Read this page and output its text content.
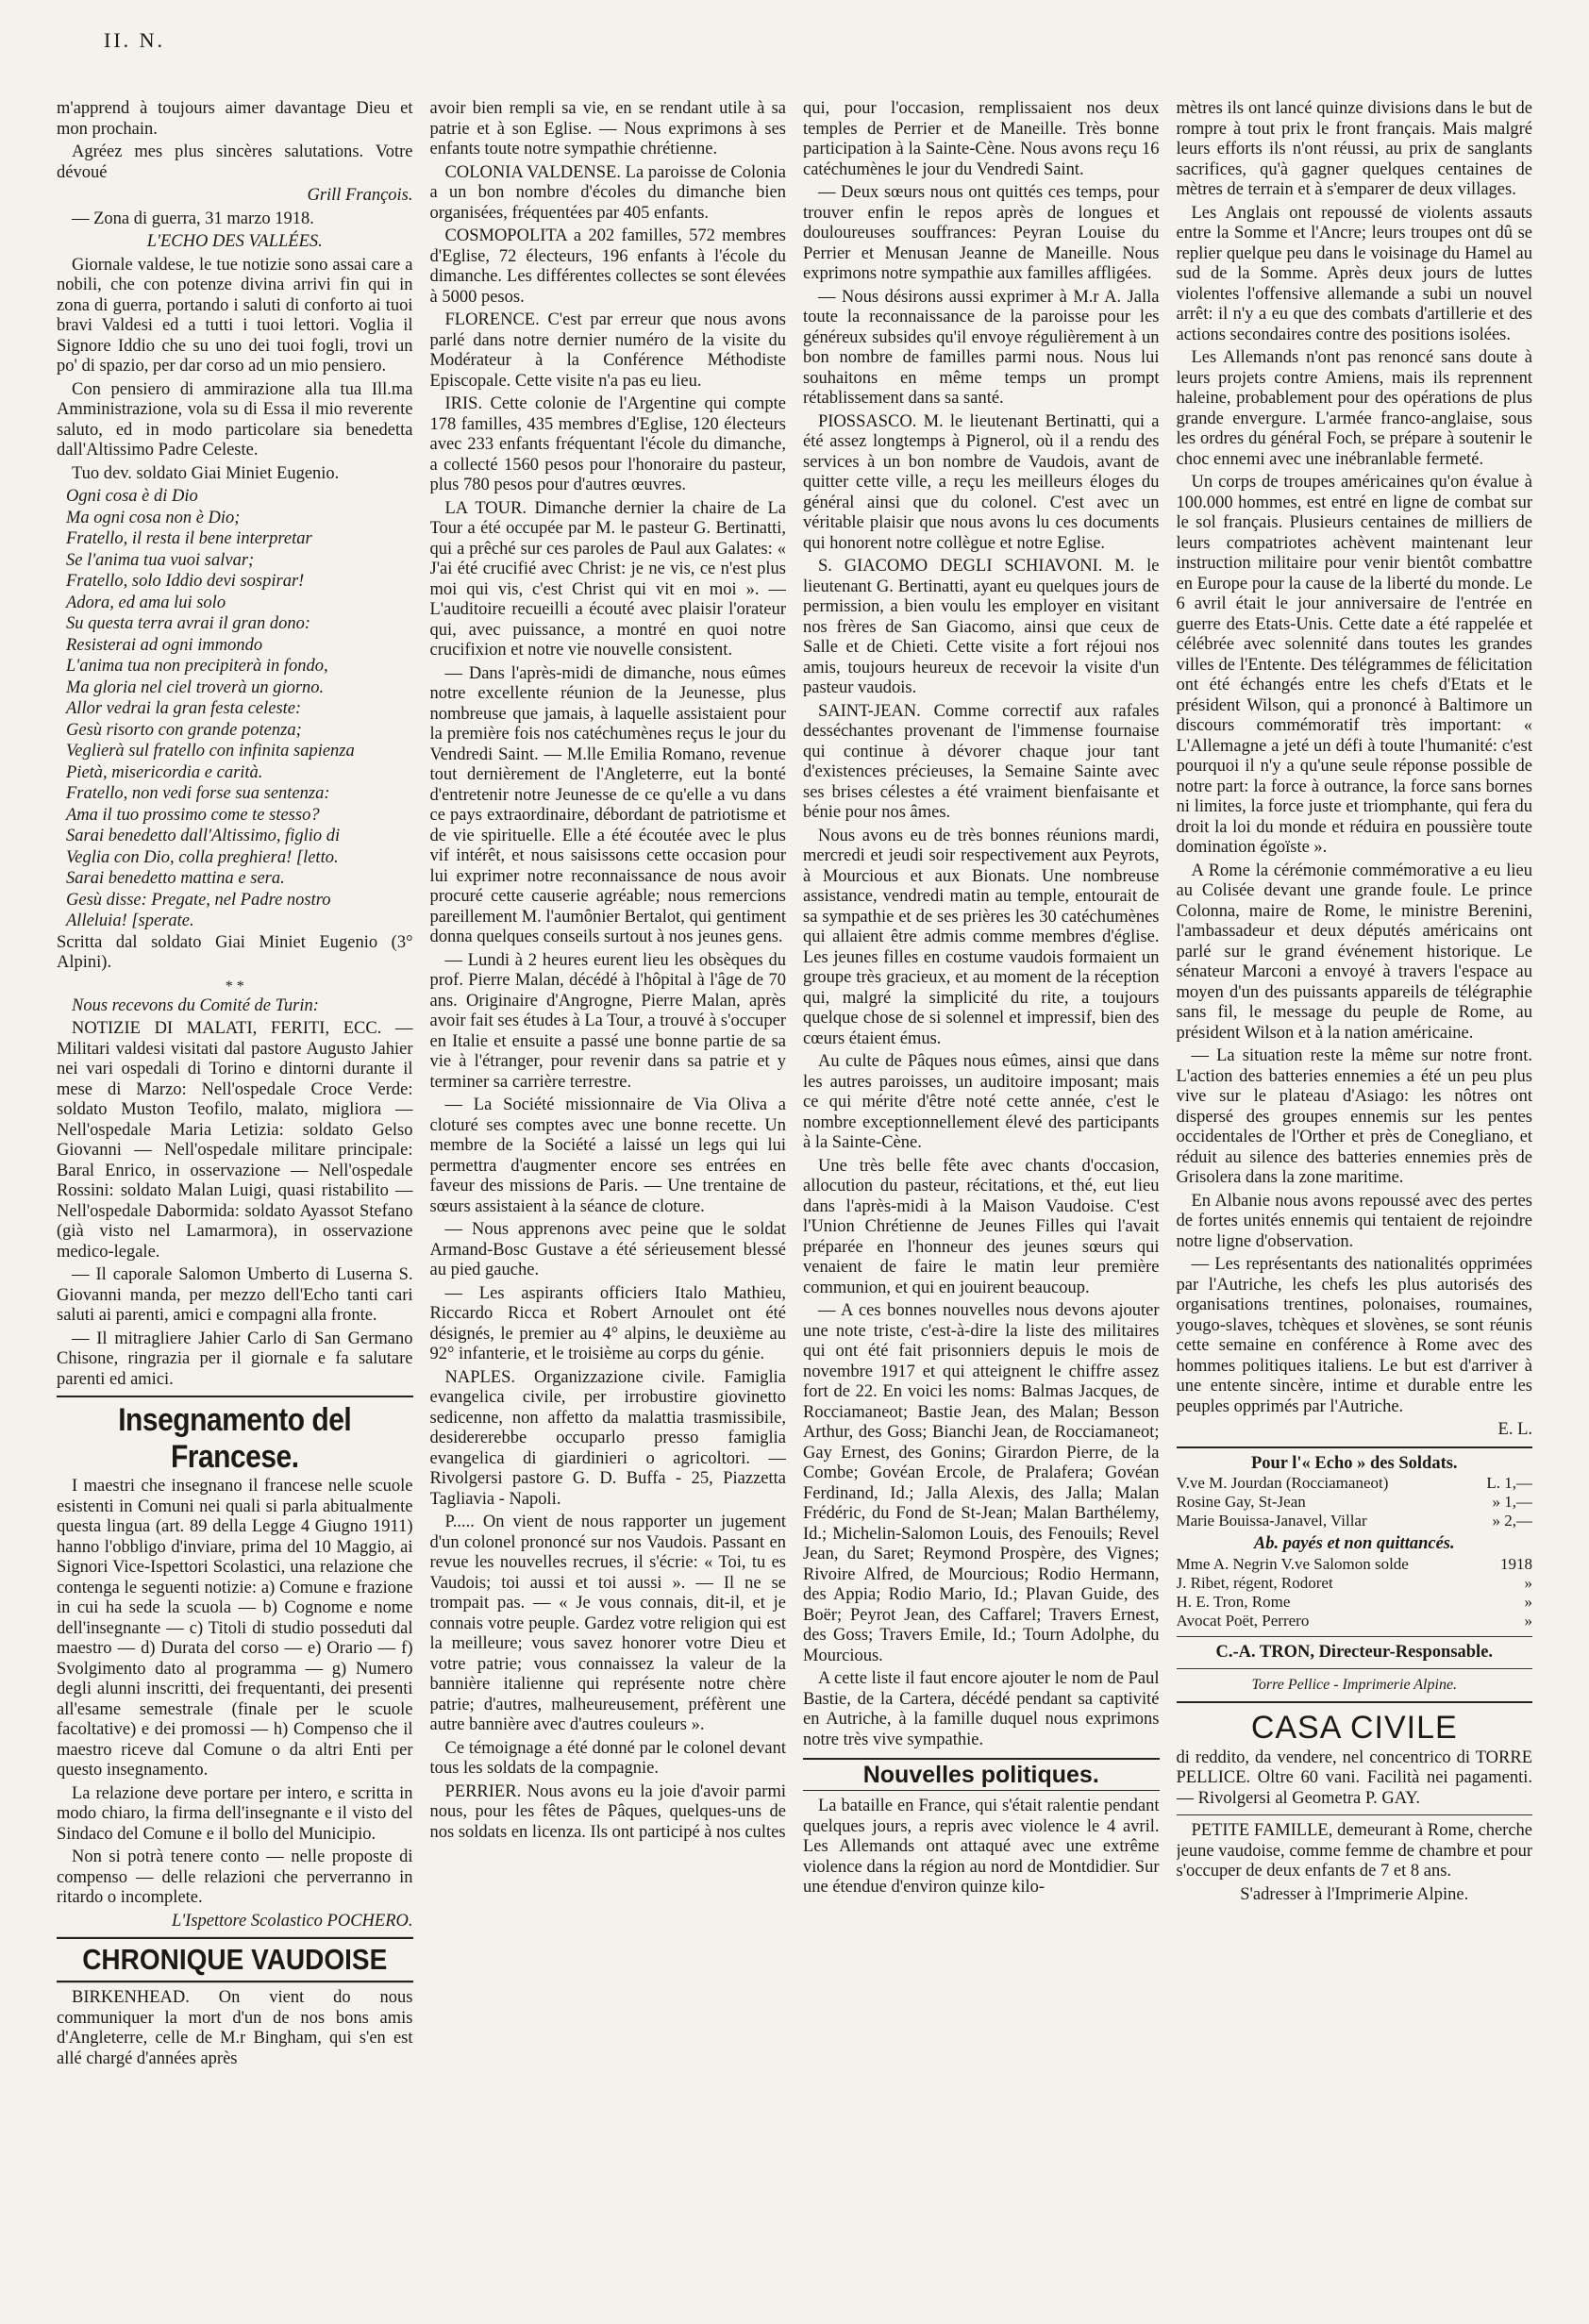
II. N.

m'apprend à toujours aimer davantage Dieu et mon prochain.

Agréez mes plus sincères salutations. Votre dévoué

Grill François.

— Zona di guerra, 31 marzo 1918.

L'ECHO DES VALLÉES.

Giornale valdese, le tue notizie sono assai care a nobili, che con potenze divina arrivi fin qui in zona di guerra, portando i saluti di conforto ai tuoi bravi Valdesi ed a tutti i tuoi lettori. Voglia il Signore Iddio che su uno dei tuoi fogli, trovi un po' di spazio, per dar corso ad un mio pensiero.

Con pensiero di ammirazione alla tua Ill.ma Amministrazione, vola su di Essa il mio reverente saluto, ed in modo particolare sia benedetta dall'Altissimo Padre Celeste.

Tuo dev. soldato Giai Miniet Eugenio.

Ogni cosa è di Dio

Ma ogni cosa non è Dio;

Fratello, il resta il bene interpretar

Se l'anima tua vuoi salvar;

Fratello, solo Iddio devi sospirar!

Adora, ed ama lui solo

Su questa terra avrai il gran dono:

Resisterai ad ogni immondo

L'anima tua non precipiterà in fondo,

Ma gloria nel ciel troverà un giorno.

Allor vedrai la gran festa celeste:

Gesù risorto con grande potenza;

Veglierà sul fratello con infinita sapienza

Pietà, misericordia e carità.

Fratello, non vedi forse sua sentenza:

Ama il tuo prossimo come te stesso?

Sarai benedetto dall'Altissimo, figlio di

Veglia con Dio, colla preghiera! [letto.

Sarai benedetto mattina e sera.

Gesù disse: Pregate, nel Padre nostro

Alleluia! [sperate.

Scritta dal soldato Giai Miniet Eugenio (3° Alpini).

* *

Nous recevons du Comité de Turin:

NOTIZIE DI MALATI, FERITI, ECC. — Militari valdesi visitati dal pastore Augusto Jahier nei vari ospedali di Torino e dintorni durante il mese di Marzo: Nell'ospedale Croce Verde: soldato Muston Teofilo, malato, migliora — Nell'ospedale Maria Letizia: soldato Gelso Giovanni — Nell'ospedale militare principale: Baral Enrico, in osservazione — Nell'ospedale Rossini: soldato Malan Luigi, quasi ristabilito — Nell'ospedale Dabormida: soldato Ayassot Stefano (già visto nel Lamarmora), in osservazione medico-legale.

— Il caporale Salomon Umberto di Luserna S. Giovanni manda, per mezzo dell'Echo tanti cari saluti ai parenti, amici e compagni alla fronte.

— Il mitragliere Jahier Carlo di San Germano Chisone, ringrazia per il giornale e fa salutare parenti ed amici.

Insegnamento del Francese.

I maestri che insegnano il francese nelle scuole esistenti in Comuni nei quali si parla abitualmente questa lingua (art. 89 della Legge 4 Giugno 1911) hanno l'obbligo d'inviare, prima del 10 Maggio, ai Signori Vice-Ispettori Scolastici, una relazione che contenga le seguenti notizie: a) Comune e frazione in cui ha sede la scuola — b) Cognome e nome dell'insegnante — c) Titoli di studio posseduti dal maestro — d) Durata del corso — e) Orario — f) Svolgimento dato al programma — g) Numero degli alunni inscritti, dei frequentanti, dei presenti all'esame semestrale (finale per le scuole facoltative) e dei promossi — h) Compenso che il maestro riceve dal Comune o da altri Enti per questo insegnamento.

La relazione deve portare per intero, e scritta in modo chiaro, la firma dell'insegnante e il visto del Sindaco del Comune e il bollo del Municipio.

Non si potrà tenere conto — nelle proposte di compenso — delle relazioni che perverranno in ritardo o incomplete.

L'Ispettore Scolastico POCHERO.

CHRONIQUE VAUDOISE

BIRKENHEAD. On vient do nous communiquer la mort d'un de nos bons amis d'Angleterre, celle de M.r Bingham, qui s'en est allé chargé d'années après

avoir bien rempli sa vie, en se rendant utile à sa patrie et à son Eglise. — Nous exprimons à ses enfants toute notre sympathie chrétienne.

COLONIA VALDENSE. La paroisse de Colonia a un bon nombre d'écoles du dimanche bien organisées, fréquentées par 405 enfants.

COSMOPOLITA a 202 familles, 572 membres d'Eglise, 72 électeurs, 196 enfants à l'école du dimanche. Les différentes collectes se sont élevées à 5000 pesos.

FLORENCE. C'est par erreur que nous avons parlé dans notre dernier numéro de la visite du Modérateur à la Conférence Méthodiste Episcopale. Cette visite n'a pas eu lieu.

IRIS. Cette colonie de l'Argentine qui compte 178 familles, 435 membres d'Eglise, 120 électeurs avec 233 enfants fréquentant l'école du dimanche, a collecté 1560 pesos pour l'honoraire du pasteur, plus 780 pesos pour d'autres œuvres.

LA TOUR. Dimanche dernier la chaire de La Tour a été occupée par M. le pasteur G. Bertinatti, qui a prêché sur ces paroles de Paul aux Galates: « J'ai été crucifié avec Christ: je ne vis, ce n'est plus moi qui vis, c'est Christ qui vit en moi ». — L'auditoire recueilli a écouté avec plaisir l'orateur qui, avec puissance, a montré en quoi notre crucifixion et notre vie nouvelle consistent.

— Dans l'après-midi de dimanche, nous eûmes notre excellente réunion de la Jeunesse, plus nombreuse que jamais, à laquelle assistaient pour la première fois nos catéchumènes reçus le jour du Vendredi Saint. — M.lle Emilia Romano, revenue tout dernièrement de l'Angleterre, eut la bonté d'entretenir notre Jeunesse de ce qu'elle a vu dans ce pays extraordinaire, débordant de patriotisme et de vie spirituelle. Elle a été écoutée avec le plus vif intérêt, et nous saisissons cette occasion pour lui exprimer notre reconnaissance de nous avoir procuré cette causerie agréable; nous remercions pareillement M. l'aumônier Bertalot, qui gentiment donna quelques conseils surtout à nos jeunes gens.

— Lundi à 2 heures eurent lieu les obsèques du prof. Pierre Malan, décédé à l'hôpital à l'âge de 70 ans. Originaire d'Angrogne, Pierre Malan, après avoir fait ses études à La Tour, a trouvé à s'occuper en Italie et ensuite a passé une bonne partie de sa vie à l'étranger, pour revenir dans sa patrie et y terminer sa carrière terrestre.

— La Société missionnaire de Via Oliva a cloturé ses comptes avec une bonne recette. Un membre de la Société a laissé un legs qui lui permettra d'augmenter encore ses entrées en faveur des missions de Paris. — Une trentaine de sœurs assistaient à la séance de cloture.

— Nous apprenons avec peine que le soldat Armand-Bosc Gustave a été sérieusement blessé au pied gauche.

— Les aspirants officiers Italo Mathieu, Riccardo Ricca et Robert Arnoulet ont été désignés, le premier au 4° alpins, le deuxième au 92° infanterie, et le troisième au corps du génie.

NAPLES. Organizzazione civile. Famiglia evangelica civile, per irrobustire giovinetto sedicenne, non affetto da malattia trasmissibile, desidererebbe occuparlo presso famiglia evangelica di giardinieri o agricoltori. — Rivolgersi pastore G. D. Buffa - 25, Piazzetta Tagliavia - Napoli.

P..... On vient de nous rapporter un jugement d'un colonel prononcé sur nos Vaudois. Passant en revue les nouvelles recrues, il s'écrie: « Toi, tu es Vaudois; toi aussi et toi aussi ». — Il ne se trompait pas. — « Je vous connais, dit-il, et je connais votre peuple. Gardez votre religion qui est la meilleure; vous savez honorer votre Dieu et votre patrie; vous connaissez la valeur de la bannière italienne qui représente notre chère patrie; d'autres, malheureusement, préfèrent une autre bannière avec d'autres couleurs ».

Ce témoignage a été donné par le colonel devant tous les soldats de la compagnie.

PERRIER. Nous avons eu la joie d'avoir parmi nous, pour les fêtes de Pâques, quelques-uns de nos soldats en licenza. Ils ont participé à nos cultes

qui, pour l'occasion, remplissaient nos deux temples de Perrier et de Maneille. Très bonne participation à la Sainte-Cène. Nous avons reçu 16 catéchumènes le jour du Vendredi Saint.

— Deux sœurs nous ont quittés ces temps, pour trouver enfin le repos après de longues et douloureuses souffrances: Peyran Louise du Perrier et Menusan Jeanne de Maneille. Nous exprimons notre sympathie aux familles affligées.

— Nous désirons aussi exprimer à M.r A. Jalla toute la reconnaissance de la paroisse pour les généreux subsides qu'il envoye régulièrement à un bon nombre de familles parmi nous. Nous lui souhaitons en même temps un prompt rétablissement dans sa santé.

PIOSSASCO. M. le lieutenant Bertinatti, qui a été assez longtemps à Pignerol, où il a rendu des services à un bon nombre de Vaudois, avant de quitter cette ville, a reçu les meilleurs éloges du général ainsi que du colonel. C'est avec un véritable plaisir que nous avons lu ces documents qui honorent notre collègue et notre Eglise.

S. GIACOMO DEGLI SCHIAVONI. M. le lieutenant G. Bertinatti, ayant eu quelques jours de permission, a bien voulu les employer en visitant nos frères de San Giacomo, ainsi que ceux de Salle et de Chieti. Cette visite a fort réjoui nos amis, toujours heureux de recevoir la visite d'un pasteur vaudois.

SAINT-JEAN. Comme correctif aux rafales desséchantes provenant de l'immense fournaise qui continue à dévorer chaque jour tant d'existences précieuses, la Semaine Sainte avec ses brises célestes a été vraiment bienfaisante et bénie pour nos âmes.

Nous avons eu de très bonnes réunions mardi, mercredi et jeudi soir respectivement aux Peyrots, à Mourcious et aux Bionats. Une nombreuse assistance, vendredi matin au temple, entourait de sa sympathie et de ses prières les 30 catéchumènes qui allaient être admis comme membres d'église. Les jeunes filles en costume vaudois formaient un groupe très gracieux, et au moment de la réception qui, malgré la simplicité du rite, a toujours quelque chose de si solennel et impressif, bien des cœurs étaient émus.

Au culte de Pâques nous eûmes, ainsi que dans les autres paroisses, un auditoire imposant; mais ce qui mérite d'être noté cette année, c'est le nombre exceptionnellement élevé des participants à la Sainte-Cène.

Une très belle fête avec chants d'occasion, allocution du pasteur, récitations, et thé, eut lieu dans l'après-midi à la Maison Vaudoise. C'est l'Union Chrétienne de Jeunes Filles qui l'avait préparée en l'honneur des jeunes sœurs qui venaient de faire le matin leur première communion, et qui en jouirent beaucoup.

— A ces bonnes nouvelles nous devons ajouter une note triste, c'est-à-dire la liste des militaires qui ont été fait prisonniers depuis le mois de novembre 1917 et qui atteignent le chiffre assez fort de 22. En voici les noms: Balmas Jacques, de Rocciamaneot; Bastie Jean, des Malan; Besson Arthur, des Goss; Bianchi Jean, de Rocciamaneot; Gay Ernest, des Gonins; Girardon Pierre, de la Combe; Govéan Ercole, de Pralafera; Govéan Ferdinand, Id.; Jalla Alexis, des Jalla; Malan Frédéric, du Fond de St-Jean; Malan Barthélemy, Id.; Michelin-Salomon Louis, des Fenouils; Revel Jean, du Saret; Reymond Prospère, des Vignes; Rivoire Alfred, de Mourcious; Rodio Hermann, des Appia; Rodio Mario, Id.; Plavan Guide, des Boër; Peyrot Jean, des Caffarel; Travers Ernest, des Goss; Travers Emile, Id.; Tourn Adolphe, du Mourcious.

A cette liste il faut encore ajouter le nom de Paul Bastie, de la Cartera, décédé pendant sa captivité en Autriche, à la famille duquel nous exprimons notre très vive sympathie.

Nouvelles politiques.

La bataille en France, qui s'était ralentie pendant quelques jours, a repris avec violence le 4 avril. Les Allemands ont attaqué avec une extrême violence dans la région au nord de Montdidier. Sur une étendue d'environ quinze kilo-

mètres ils ont lancé quinze divisions dans le but de rompre à tout prix le front français. Mais malgré leurs efforts ils n'ont réussi, au prix de sanglants sacrifices, qu'à gagner quelques centaines de mètres de terrain et à s'emparer de deux villages.

Les Anglais ont repoussé de violents assauts entre la Somme et l'Ancre; leurs troupes ont dû se replier quelque peu dans le voisinage du Hamel au sud de la Somme. Après deux jours de luttes violentes l'offensive allemande a subi un nouvel arrêt: il n'y a eu que des combats d'artillerie et des actions secondaires contre des positions isolées.

Les Allemands n'ont pas renoncé sans doute à leurs projets contre Amiens, mais ils reprennent haleine, probablement pour des opérations de plus grande envergure. L'armée franco-anglaise, sous les ordres du général Foch, se prépare à soutenir le choc ennemi avec une inébranlable fermeté.

Un corps de troupes américaines qu'on évalue à 100.000 hommes, est entré en ligne de combat sur le sol français. Plusieurs centaines de milliers de leurs compatriotes achèvent maintenant leur instruction militaire pour venir bientôt combattre en Europe pour la cause de la liberté du monde. Le 6 avril était le jour anniversaire de l'entrée en guerre des Etats-Unis. Cette date a été rappelée et célébrée avec solennité dans toutes les grandes villes de l'Entente. Des télégrammes de félicitation ont été échangés entre les chefs d'Etats et le président Wilson, qui a prononcé à Baltimore un discours commémoratif très important: « L'Allemagne a jeté un défi à toute l'humanité: c'est pourquoi il n'y a qu'une seule réponse possible de notre part: la force à outrance, la force sans bornes ni limites, la force juste et triomphante, qui fera du droit la loi du monde et réduira en poussière toute domination égoïste ».

A Rome la cérémonie commémorative a eu lieu au Colisée devant une grande foule. Le prince Colonna, maire de Rome, le ministre Berenini, l'ambassadeur et deux députés américains ont parlé sur le grand événement historique. Le sénateur Marconi a envoyé à travers l'espace au moyen d'un des puissants appareils de télégraphie sans fil, le message du peuple de Rome, au président Wilson et à la nation américaine.

— La situation reste la même sur notre front. L'action des batteries ennemies a été un peu plus vive sur le plateau d'Asiago: les nôtres ont dispersé des groupes ennemis sur les pentes occidentales de l'Orther et près de Conegliano, et réduit au silence des batteries ennemies près de Grisolera dans la zone maritime.

En Albanie nous avons repoussé avec des pertes de fortes unités ennemis qui tentaient de rejoindre notre ligne d'observation.

— Les représentants des nationalités opprimées par l'Autriche, les chefs les plus autorisés des organisations trentines, polonaises, roumaines, yougo-slaves, tchèques et slovènes, se sont réunis cette semaine en conférence à Rome avec des hommes politiques italiens. Le but est d'arriver à une entente sincère, intime et durable entre les peuples opprimés par l'Autriche.

E. L.

Pour l'« Echo » des Soldats.
V.ve M. Jourdan (Rocciamaneot)	L. 1,—
Rosine Gay, St-Jean	» 1,—
Marie Bouissa-Janavel, Villar	» 2,—
Ab. payés et non quittancés.
Mme A. Negrin V.ve Salomon solde	1918
J. Ribet, régent, Rodoret	»
H. E. Tron, Rome	»
Avocat Poët, Perrero	»
C.-A. TRON, Directeur-Responsable.
Torre Pellice - Imprimerie Alpine.
CASA CIVILE

di reddito, da vendere, nel concentrico di TORRE PELLICE. Oltre 60 vani. Facilità nei pagamenti. — Rivolgersi al Geometra P. GAY.

PETITE FAMILLE, demeurant à Rome, cherche jeune vaudoise, comme femme de chambre et pour s'occuper de deux enfants de 7 et 8 ans.

S'adresser à l'Imprimerie Alpine.
